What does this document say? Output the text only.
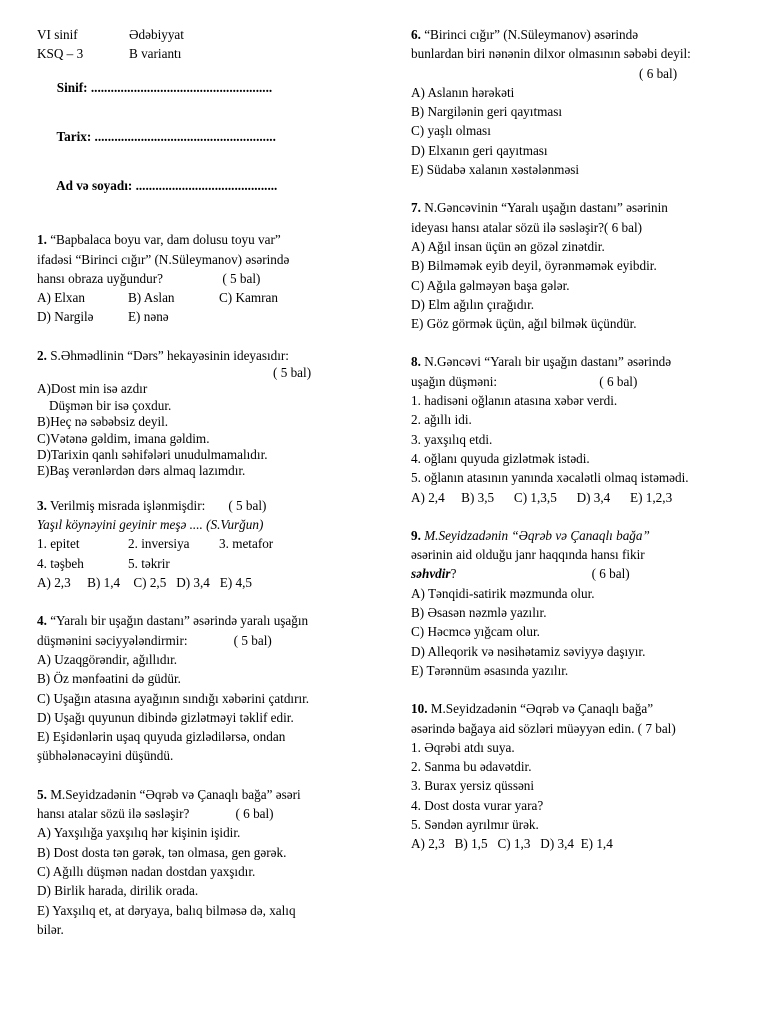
VI sinif	Ədəbiyyat
KSQ – 3	B variantı

Sinif: .......................................................

Tarix: .......................................................

Ad və soyadı: ...........................................

1. “Bapbalaca boyu var, dam dolusu toyu var”
ifadəsi “Birinci cığır” (N.Süleymanov) əsərində
hansı obraza uyğundur?                  ( 5 bal)
A) Elxan	B) Aslan	C) Kamran
D) Nargilə	E) nənə
2. S.Əhmədlinin “Dərs” hekayəsinin ideyasıdır:
( 5 bal)
A)Dost min isə azdır
Düşmən bir isə çoxdur.
B)Heç nə səbəbsiz deyil.
C)Vətənə gəldim, imana gəldim.
D)Tarixin qanlı səhifələri unudulmamalıdır.
E)Baş verənlərdən dərs almaq lazımdır.
3. Verilmiş misrada işlənmişdir:       ( 5 bal)
Yaşıl köynəyini geyinir meşə .... (S.Vurğun)
1. epitet	2. inversiya	3. metafor
4. təşbeh	5. təkrir
A) 2,3     B) 1,4    C) 2,5   D) 3,4   E) 4,5
4. “Yaralı bir uşağın dastanı” əsərində yaralı uşağın
düşmənini səciyyələndirmir:              ( 5 bal)
A) Uzaqgörəndir, ağıllıdır.
B) Öz mənfəatini də güdür.
C) Uşağın atasına ayağının sındığı xəbərini çatdırır.
D) Uşağı quyunun dibində gizlətməyi təklif edir.
E) Eşidənlərin uşaq quyuda gizlədilərsə, ondan
şübhələnəcəyini düşündü.
5. M.Seyidzadənin “Əqrəb və Çanaqlı bağa” əsəri
hansı atalar sözü ilə səsləşir?              ( 6 bal)
A) Yaxşılığa yaxşılıq hər kişinin işidir.
B) Dost dosta tən gərək, tən olmasa, gen gərək.
C) Ağıllı düşmən nadan dostdan yaxşıdır.
D) Birlik harada, dirilik orada.
E) Yaxşılıq et, at dəryaya, balıq bilməsə də, xalıq
bilər.
6. “Birinci cığır” (N.Süleymanov) əsərində
bunlardan biri nənənin dilxor olmasının səbəbi deyil:
( 6 bal)
A) Aslanın hərəkəti
B) Nargilənin geri qayıtması
C) yaşlı olması
D) Elxanın geri qayıtması
E) Südabə xalanın xəstələnməsi
7. N.Gəncəvinin “Yaralı uşağın dastanı” əsərinin
ideyası hansı atalar sözü ilə səsləşir?( 6 bal)
A) Ağıl insan üçün ən gözəl zinətdir.
B) Bilməmək eyib deyil, öyrənməmək eyibdir.
C) Ağıla gəlməyən başa gələr.
D) Elm ağılın çırağıdır.
E) Göz görmək üçün, ağıl bilmək üçündür.
8. N.Gəncəvi “Yaralı bir uşağın dastanı” əsərində
uşağın düşməni:                               ( 6 bal)
1. hadisəni oğlanın atasına xəbər verdi.
2. ağıllı idi.
3. yaxşılıq etdi.
4. oğlanı quyuda gizlətmək istədi.
5. oğlanın atasının yanında xəcalətli olmaq istəmədi.
A) 2,4     B) 3,5      C) 1,3,5      D) 3,4      E) 1,2,3
9. M.Seyidzadənin “Əqrəb və Çanaqlı bağa”
əsərinin aid olduğu janr haqqında hansı fikir
səhvdir?                                         ( 6 bal)
A) Tənqidi-satirik məzmunda olur.
B) Əsasən nəzmlə yazılır.
C) Həcmcə yığcam olur.
D) Alleqorik və nəsihətamiz səviyyə daşıyır.
E) Tərənnüm əsasında yazılır.
10. M.Seyidzadənin “Əqrəb və Çanaqlı bağa”
əsərində bağaya aid sözləri müəyyən edin. ( 7 bal)
1. Əqrəbi atdı suya.
2. Sanma bu ədavətdir.
3. Burax yersiz qüssəni
4. Dost dosta vurar yara?
5. Səndən ayrılmır ürək.
A) 2,3   B) 1,5   C) 1,3   D) 3,4  E) 1,4
